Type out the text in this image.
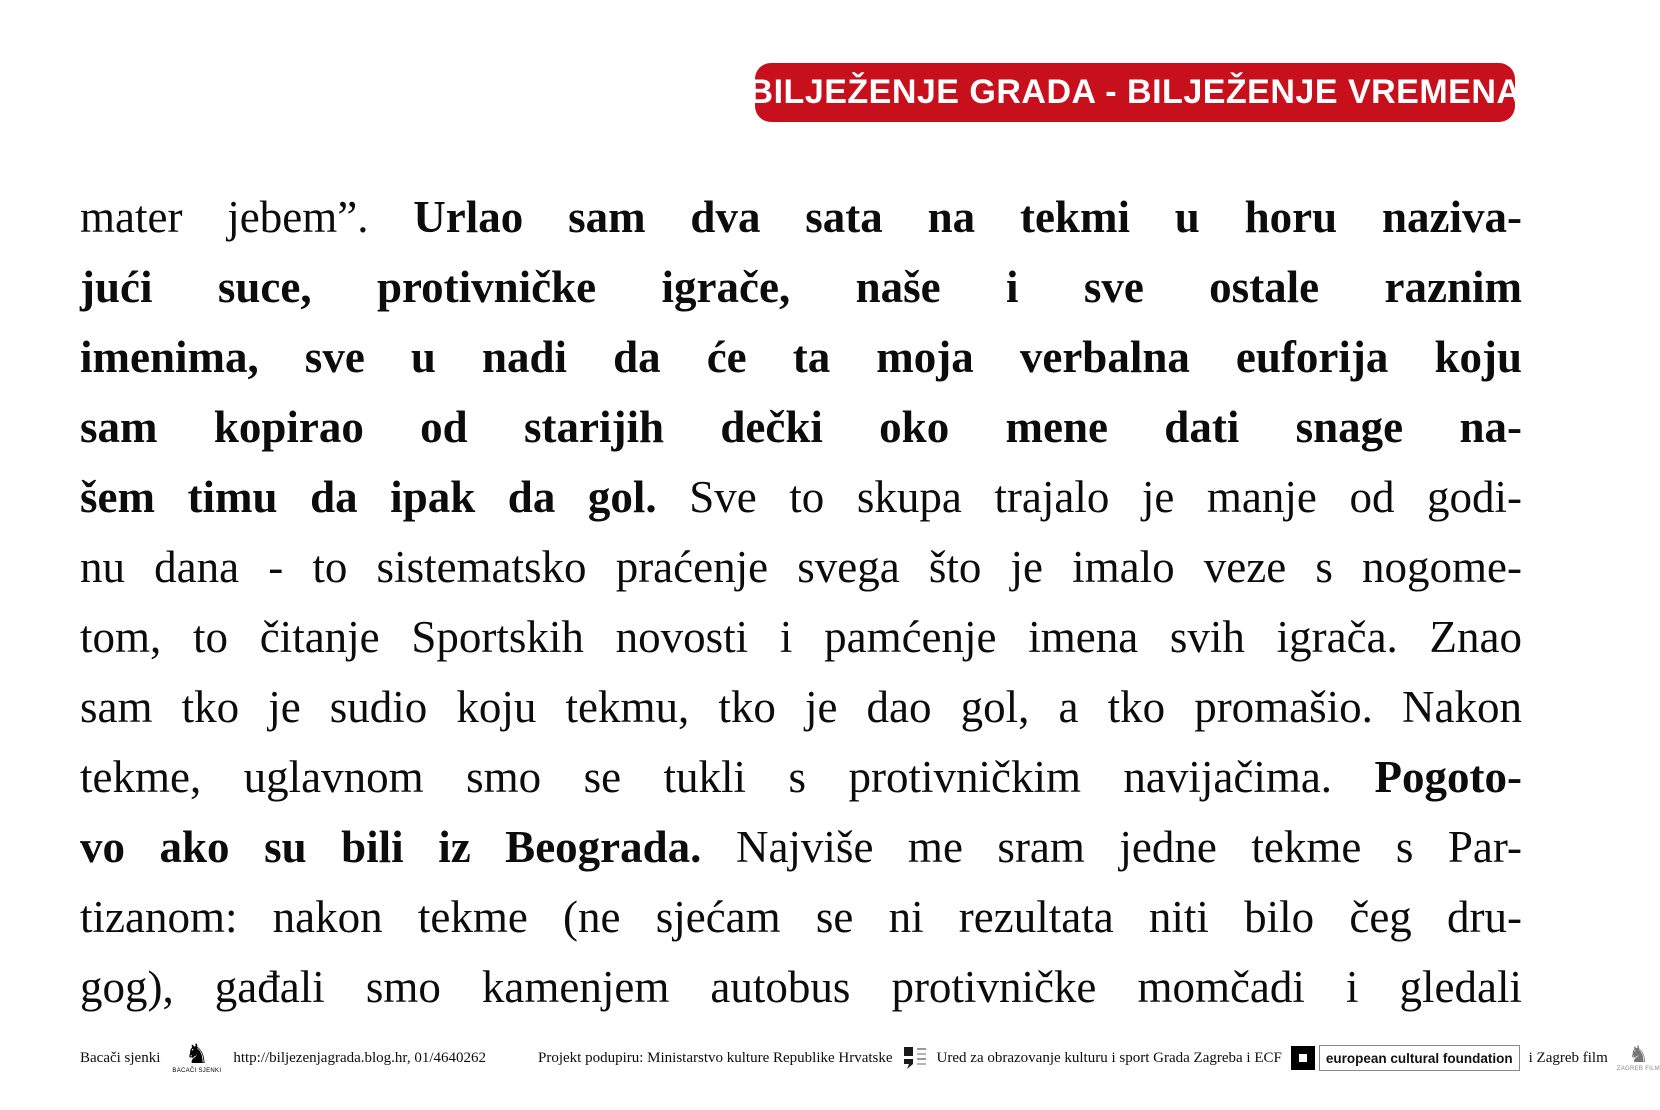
BILJEŽENJE GRADA - BILJEŽENJE VREMENA
mater jebem”. Urlao sam dva sata na tekmi u horu naziva-
jući suce, protivničke igrače, naše i sve ostale raznim
imenima, sve u nadi da će ta moja verbalna euforija koju
sam kopirao od starijih dečki oko mene dati snage na-
šem timu da ipak da gol. Sve to skupa trajalo je manje od godi-
nu dana - to sistematsko praćenje svega što je imalo veze s nogome-
tom, to čitanje Sportskih novosti i pamćenje imena svih igrača. Znao
sam tko je sudio koju tekmu, tko je dao gol, a tko promašio. Nakon
tekme, uglavnom smo se tukli s protivničkim navijačima. Pogoto-
vo ako su bili iz Beograda. Najviše me sram jedne tekme s Par-
tizanom: nakon tekme (ne sjećam se ni rezultata niti bilo čeg dru-
gog), gađali smo kamenjem autobus protivničke momčadi i gledali
Bacači sjenki ♞
BACAČI SJENKI
http://biljezenjagrada.blog.hr, 01/4640262	Projekt podupiru: Ministarstvo kulture Republike Hrvatske	Ured za obrazovanje kulturu i sport Grada Zagreba i ECF	european cultural foundation i Zagreb film ♞
ZAGREB FILM
